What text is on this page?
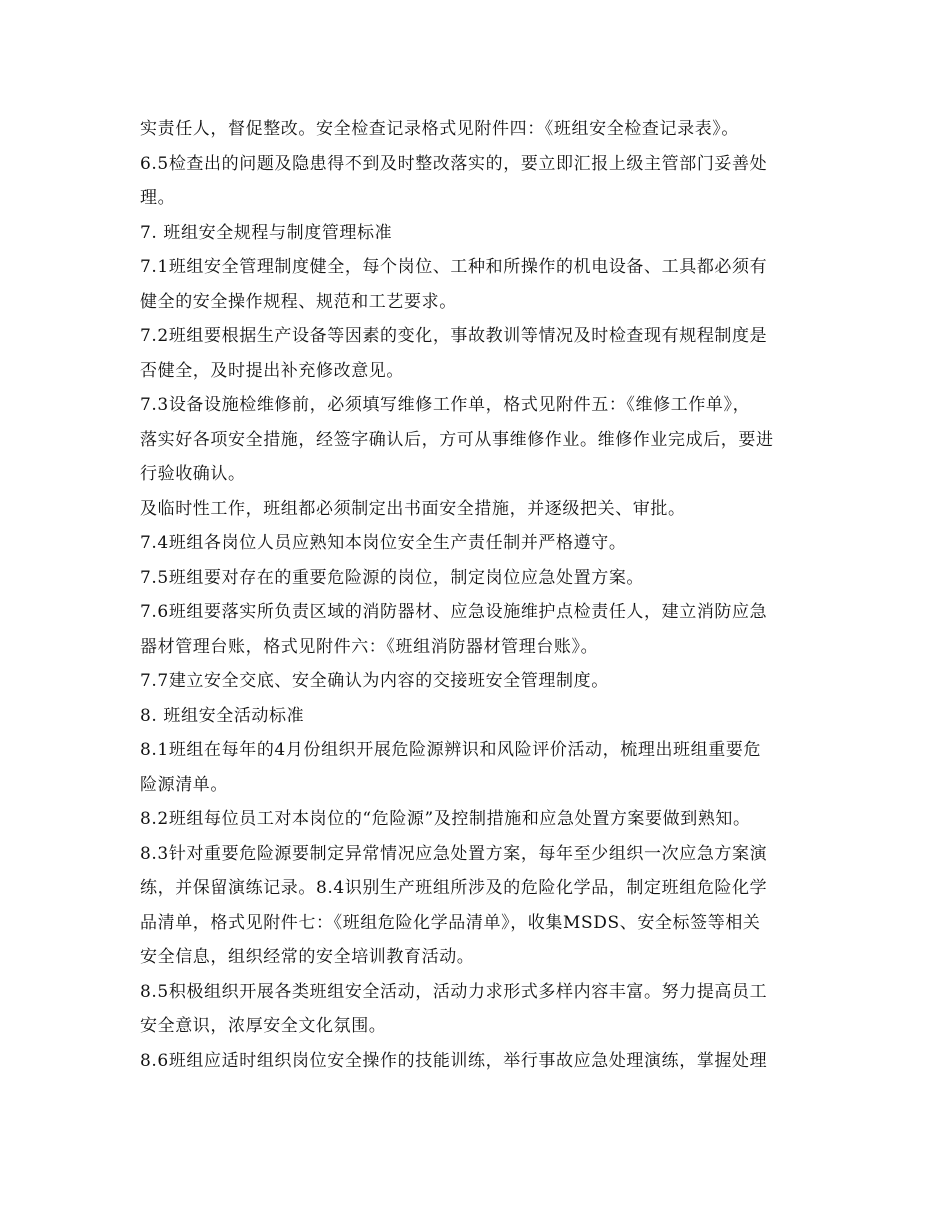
实责任人，督促整改。安全检查记录格式见附件四：《班组安全检查记录表》。
6.5检查出的问题及隐患得不到及时整改落实的，要立即汇报上级主管部门妥善处
理。
7. 班组安全规程与制度管理标准
7.1班组安全管理制度健全，每个岗位、工种和所操作的机电设备、工具都必须有
健全的安全操作规程、规范和工艺要求。
7.2班组要根据生产设备等因素的变化，事故教训等情况及时检查现有规程制度是
否健全，及时提出补充修改意见。
7.3设备设施检维修前，必须填写维修工作单，格式见附件五：《维修工作单》，
落实好各项安全措施，经签字确认后，方可从事维修作业。维修作业完成后，要进
行验收确认。
及临时性工作，班组都必须制定出书面安全措施，并逐级把关、审批。
7.4班组各岗位人员应熟知本岗位安全生产责任制并严格遵守。
7.5班组要对存在的重要危险源的岗位，制定岗位应急处置方案。
7.6班组要落实所负责区域的消防器材、应急设施维护点检责任人，建立消防应急
器材管理台账，格式见附件六：《班组消防器材管理台账》。
7.7建立安全交底、安全确认为内容的交接班安全管理制度。
8. 班组安全活动标准
8.1班组在每年的4月份组织开展危险源辨识和风险评价活动，梳理出班组重要危
险源清单。
8.2班组每位员工对本岗位的“危险源”及控制措施和应急处置方案要做到熟知。
8.3针对重要危险源要制定异常情况应急处置方案，每年至少组织一次应急方案演
练，并保留演练记录。8.4识别生产班组所涉及的危险化学品，制定班组危险化学
品清单，格式见附件七：《班组危险化学品清单》，收集MSDS、安全标签等相关
安全信息，组织经常的安全培训教育活动。
8.5积极组织开展各类班组安全活动，活动力求形式多样内容丰富。努力提高员工
安全意识，浓厚安全文化氛围。
8.6班组应适时组织岗位安全操作的技能训练，举行事故应急处理演练，掌握处理
